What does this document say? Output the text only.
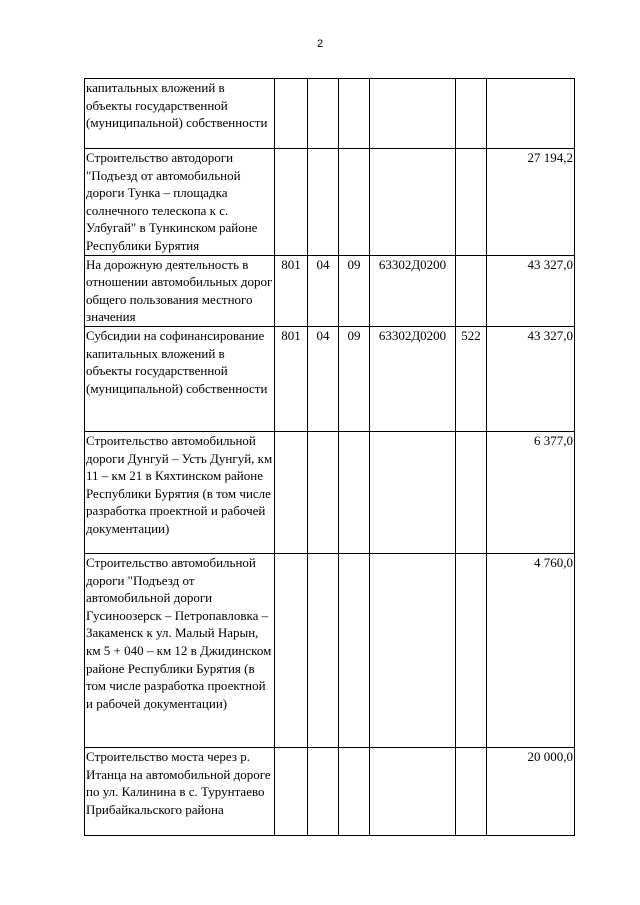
2
капитальных вложений в объекты государственной (муниципальной) собственности						
Строительство автодороги "Подъезд от автомобильной дороги Тунка – площадка солнечного телескопа к с. Улбугай" в Тункинском районе Республики Бурятия						27 194,2
На дорожную деятельность в отношении автомобильных дорог общего пользования местного значения	801	04	09	63302Д0200		43 327,0
Субсидии на софинансирование капитальных вложений в объекты государственной (муниципальной) собственности	801	04	09	63302Д0200	522	43 327,0
Строительство автомобильной дороги Дунгуй – Усть Дунгуй, км 11 – км 21 в Кяхтинском районе Республики Бурятия (в том числе разработка проектной и рабочей документации)						6 377,0
Строительство автомобильной дороги "Подъезд от автомобильной дороги Гусиноозерск – Петропавловка – Закаменск к ул. Малый Нарын, км 5 + 040 – км 12 в Джидинском районе Республики Бурятия (в том числе разработка проектной и рабочей документации)						4 760,0
Строительство моста через р. Итанца на автомобильной дороге по ул. Калинина в с. Турунтаево Прибайкальского района						20 000,0
